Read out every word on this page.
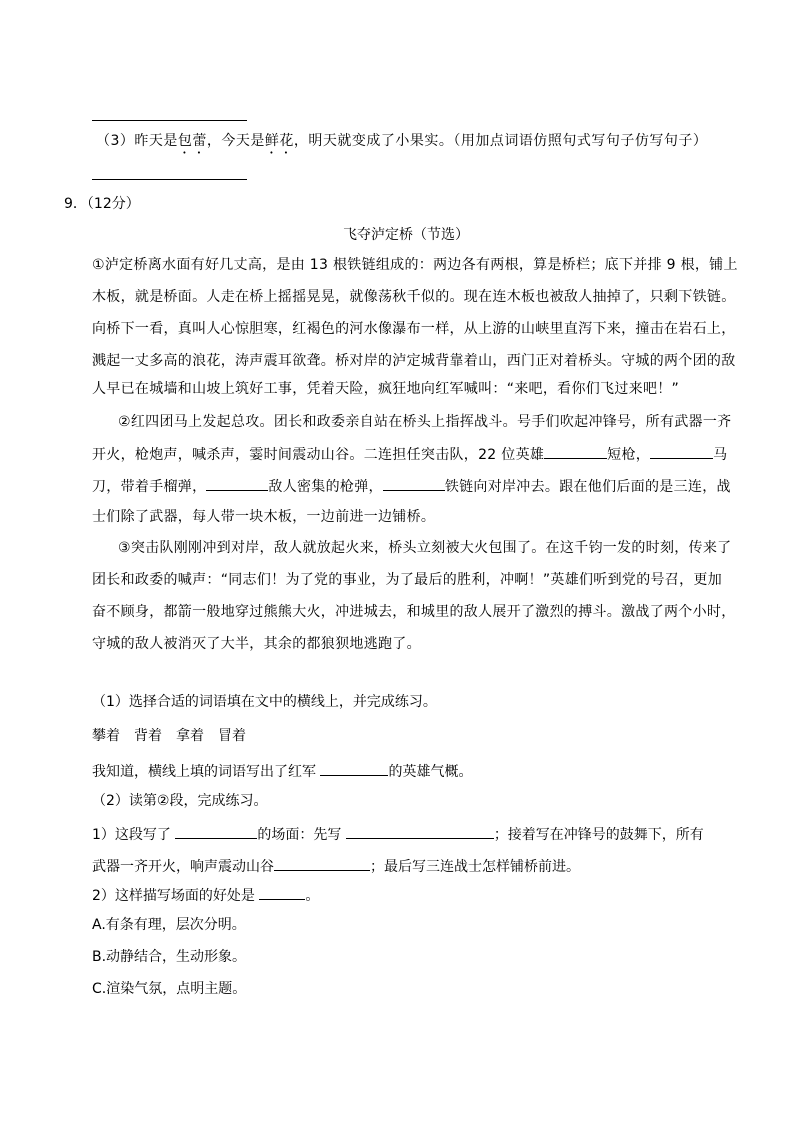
（3）昨天是包蕾，今天是鲜花，明天就变成了小果实。（用加点词语仿照句式写句子仿写句子）
9．（12分）
飞夺泸定桥（节选）
①泸定桥离水面有好几丈高，是由 13 根铁链组成的：两边各有两根，算是桥栏；底下并排 9 根，铺上
木板，就是桥面。人走在桥上摇摇晃晃，就像荡秋千似的。现在连木板也被敌人抽掉了，只剩下铁链。
向桥下一看，真叫人心惊胆寒，红褐色的河水像瀑布一样，从上游的山峡里直泻下来，撞击在岩石上，
溅起一丈多高的浪花，涛声震耳欲聋。桥对岸的泸定城背靠着山，西门正对着桥头。守城的两个团的敌
人早已在城墙和山坡上筑好工事，凭着天险，疯狂地向红军喊叫：“来吧，看你们飞过来吧！”
②红四团马上发起总攻。团长和政委亲自站在桥头上指挥战斗。号手们吹起冲锋号，所有武器一齐
开火，枪炮声，喊杀声，霎时间震动山谷。二连担任突击队，22 位英雄	短枪，	马
刀，带着手榴弹，	敌人密集的枪弹，	铁链向对岸冲去。跟在他们后面的是三连，战
士们除了武器，每人带一块木板，一边前进一边铺桥。
③突击队刚刚冲到对岸，敌人就放起火来，桥头立刻被大火包围了。在这千钧一发的时刻，传来了
团长和政委的喊声：“同志们！为了党的事业，为了最后的胜利，冲啊！”英雄们听到党的号召，更加
奋不顾身，都箭一般地穿过熊熊大火，冲进城去，和城里的敌人展开了激烈的搏斗。激战了两个小时，
守城的敌人被消灭了大半，其余的都狼狈地逃跑了。
（1）选择合适的词语填在文中的横线上，并完成练习。
攀着 背着 拿着 冒着
我知道，横线上填的词语写出了红军	的英雄气概。
（2）读第②段，完成练习。
1）这段写了	的场面：先写	；接着写在冲锋号的鼓舞下，所有
武器一齐开火，响声震动山谷	；最后写三连战士怎样铺桥前进。
2）这样描写场面的好处是	。
A.有条有理，层次分明。
B.动静结合，生动形象。
C.渲染气氛，点明主题。
